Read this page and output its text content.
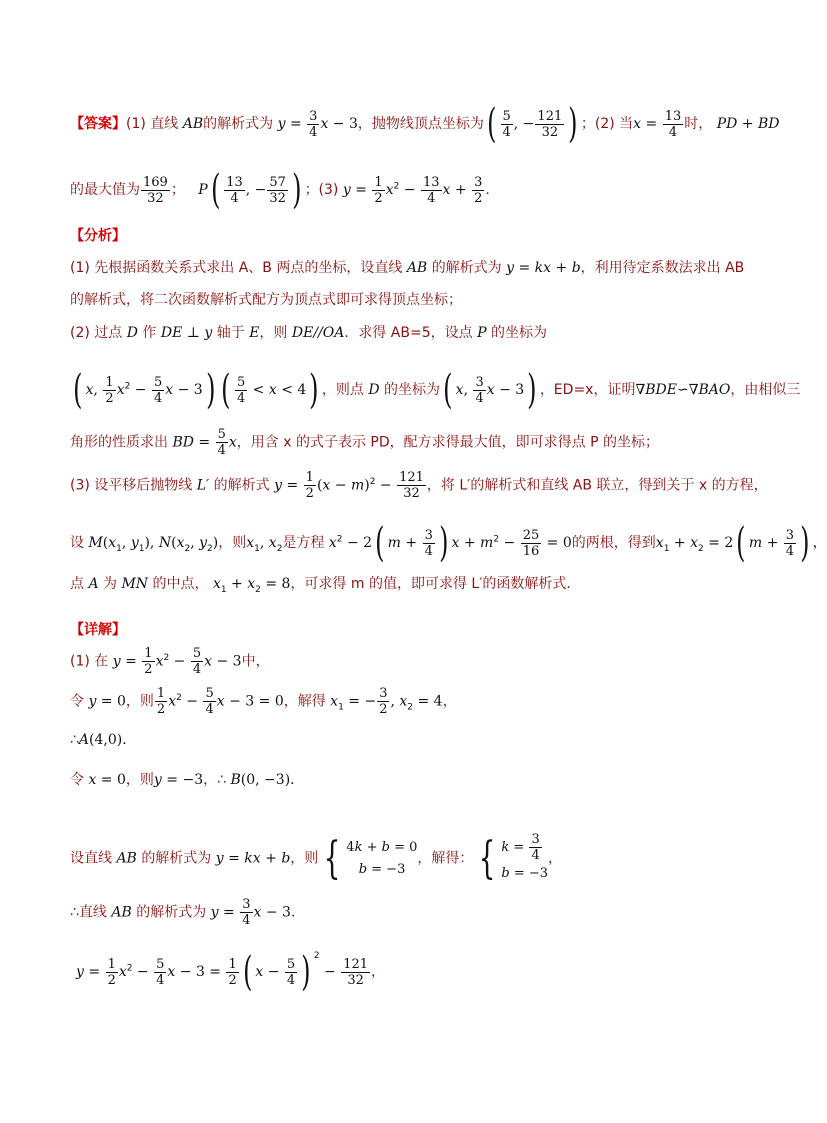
【答案】(1) 直线 AB的解析式为 $y = \frac{3}{4}$ x − 3，抛物线顶点坐标为( $\frac{5}{4}$ , − $\frac{121}{32}$ ) ；(2) 当$x = \frac{13}{4}$ 时， PD + BD
的最大值为 $\frac{169}{32}$ ； $P( \frac{13}{4}$ , − $\frac{57}{32}$ ) ；(3) $y = \frac{1}{2} x^2 - \frac{13}{4}$ $x + \frac{3}{2}$ .
【分析】
(1) 先根据函数关系式求出 A、B 两点的坐标，设直线 AB 的解析式为 y = kx + b，利用待定系数法求出 AB
的解析式，将二次函数解析式配方为顶点式即可求得顶点坐标；
(2) 过点 D 作 DE ⊥ y 轴于 E，则 DE//OA．求得 AB=5，设点 P 的坐标为
( x, $\frac{1}{2} x^2 - \frac{5}{4}$ x − 3) ( $\frac{5}{4} < x < 4$) ，则点 D 的坐标为( x, $\frac{3}{4}$ x − 3) ，ED=x，证明∇BDE∽∇BAO，由相似三
角形的性质求出 BD = $\frac{5}{4}$ x，用含 x 的式子表示 PD，配方求得最大值，即可求得点 P 的坐标；
(3) 设平移后抛物线 L′ 的解析式 $y = \frac{1}{2} (x - m)^2 - \frac{121}{32}$ ，将 L′的解析式和直线 AB 联立，得到关于 x 的方程，
设 $M(x_1$, $y_1$), $N(x_2$, $y_2$)，则$x_1$, $x_2$是方程 $x^2 - 2$( $m + \frac{3}{4}$ ) $x + m^2 - \frac{25}{16} = 0$的两根，得到$x_1 + x_2 = 2$( $m + \frac{3}{4}$ ) ，
点 A 为 MN 的中点， $x_1 + x_2 = 8$，可求得 m 的值，即可求得 L′的函数解析式．
【详解】
(1) 在 $y = \frac{1}{2} x^2 - \frac{5}{4}$ x − 3中，
令 y = 0，则 $\frac{1}{2} x^2 - \frac{5}{4}$ x − 3 = 0，解得 $x_1$ = − $\frac{3}{2}$ , $x_2 = 4$，
∴A(4,0)．
令 x = 0，则y = −3，∴ B(0, −3)．
设直线 AB 的解析式为 y = kx + b，则 { 4k + b = 0
b = −3
，解得： { $k = \frac{3}{4}$
b = −3
，
∴直线 AB 的解析式为 $y = \frac{3}{4}$ x − 3．
$y = \frac{1}{2} x^2 - \frac{5}{4}$ $x - 3 = \frac{1}{2}$ ( $x - \frac{5}{4}$ ) $^2 - \frac{121}{32}$ ，
